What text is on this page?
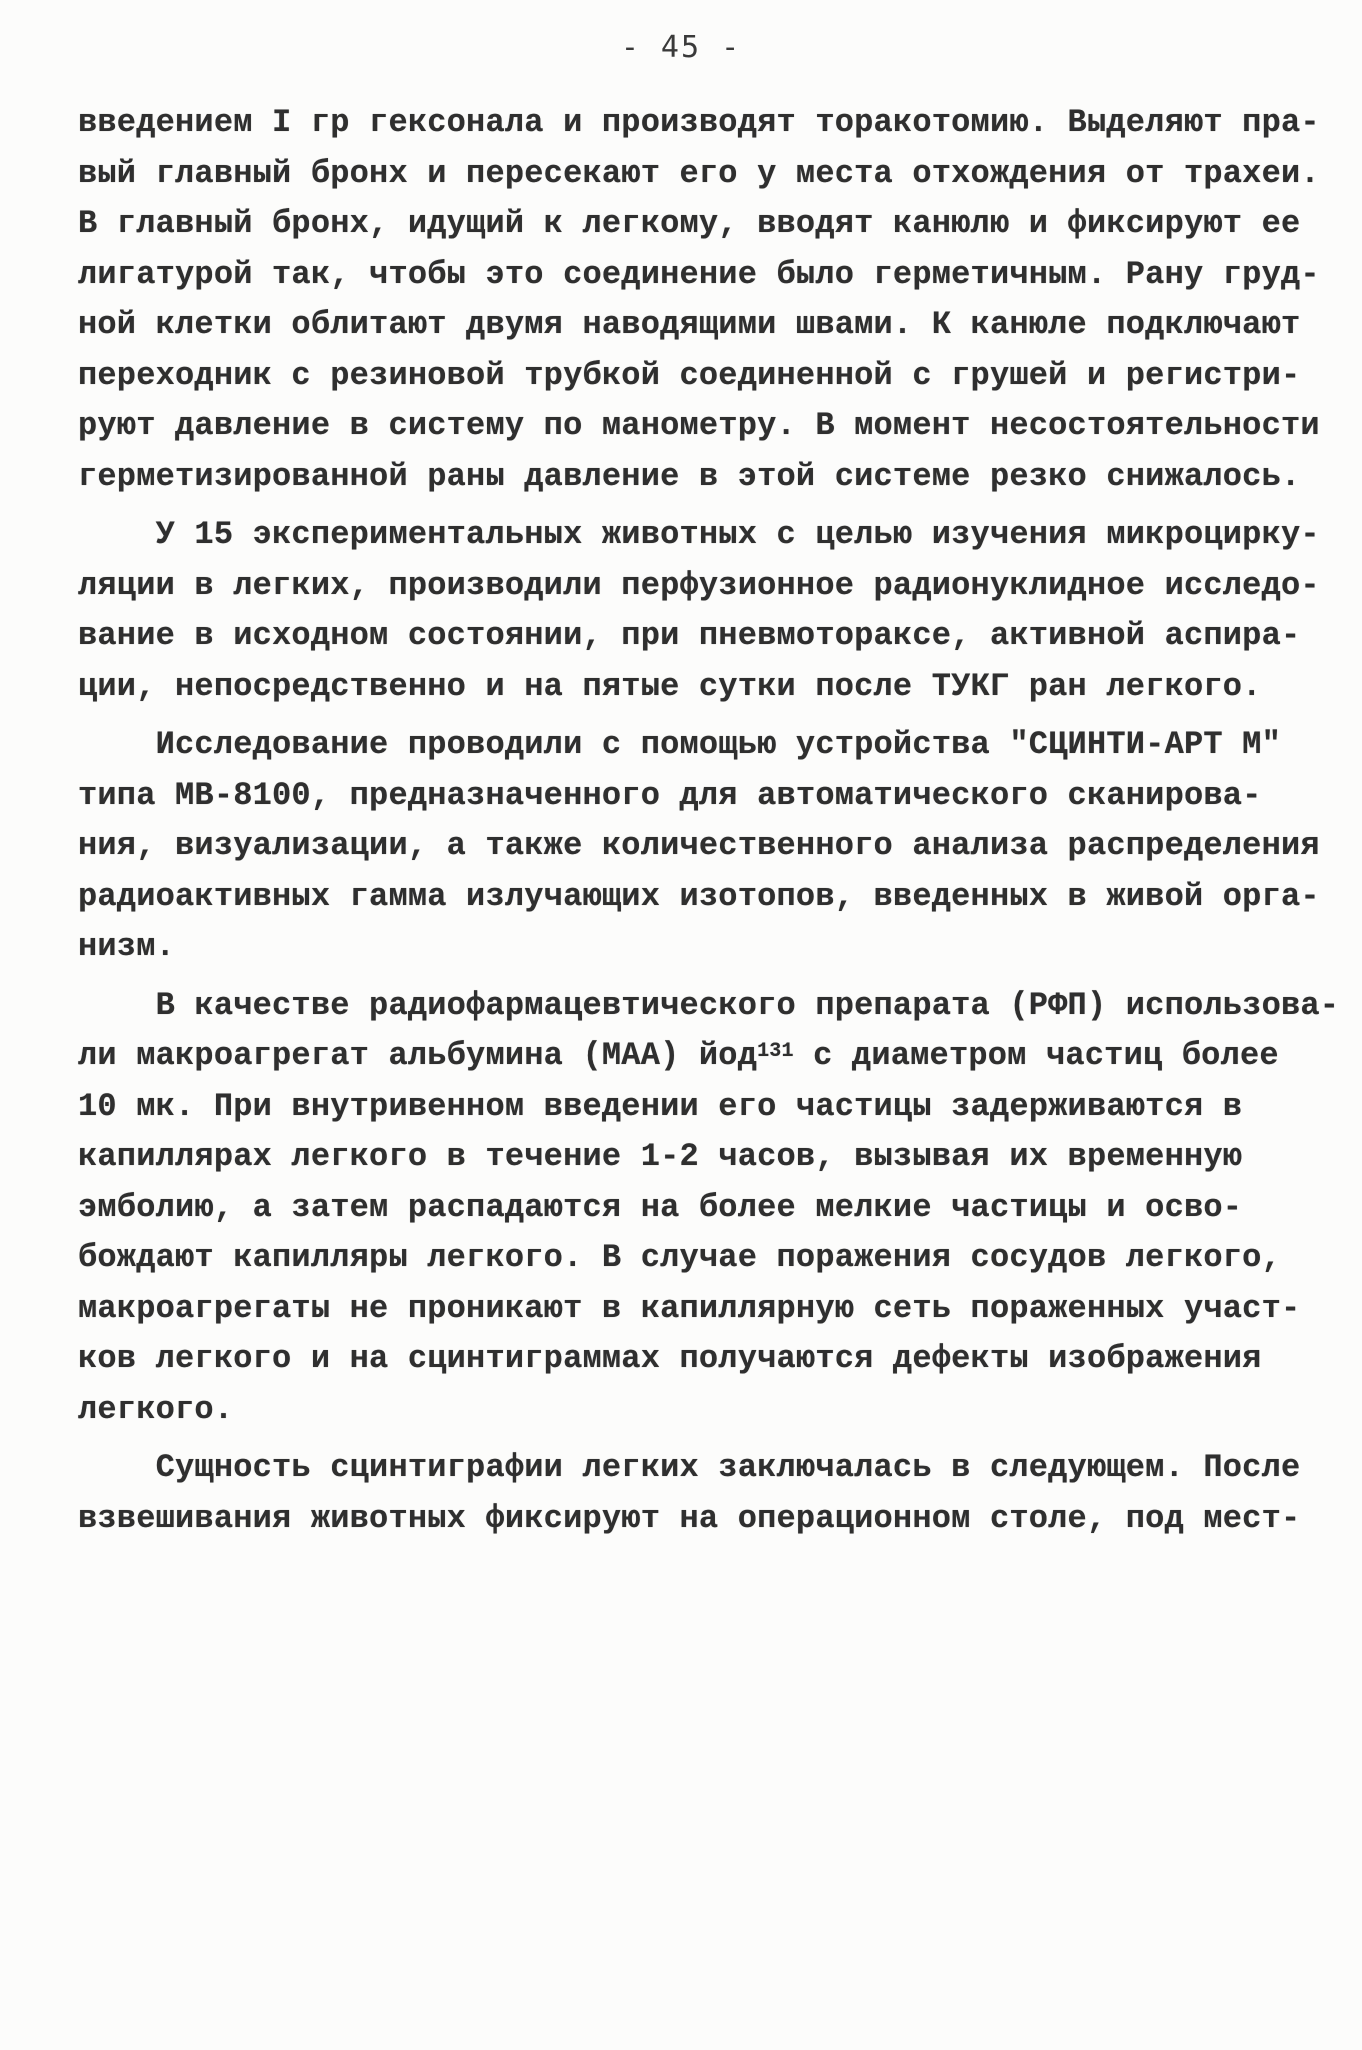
- 45 -
введением I гр гексонала и производят торакотомию. Выделяют пра-
вый главный бронх и пересекают его у места отхождения от трахеи.
В главный бронх, идущий к легкому, вводят канюлю и фиксируют ее
лигатурой так, чтобы это соединение было герметичным. Рану груд-
ной клетки облитают двумя наводящими швами. К канюле подключают
переходник с резиновой трубкой соединенной с грушей и регистри-
руют давление в систему по манометру. В момент несостоятельности
герметизированной раны давление в этой системе резко снижалось.
У 15 экспериментальных животных с целью изучения микроциркy-
ляции в легких, производили перфузионное радионуклидное исследо-
вание в исходном состоянии, при пневмотораксе, активной аспира-
ции, непосредственно и на пятые сутки после ТУКГ ран легкого.
Исследование проводили с помощью устройства "СЦИНТИ-АРТ М"
типа МВ-8100, предназначенного для автоматического сканирова-
ния, визуализации, а также количественного анализа распределения
радиоактивных гамма излучающих изотопов, введенных в живой орга-
низм.
В качестве радиофармацевтического препарата (РФП) использова-
ли макроагрегат альбумина (МАА) йод$^{131}$ с диаметром частиц более
10 мк. При внутривенном введении его частицы задерживаются в
капиллярах легкого в течение 1-2 часов, вызывая их временную
эмболию, а затем распадаются на более мелкие частицы и осво-
бождают капилляры легкого. В случае поражения сосудов легкого,
макроагрегаты не проникают в капиллярную сеть пораженных участ-
ков легкого и на сцинтиграммах получаются дефекты изображения
легкого.
Сущность сцинтиграфии легких заключалась в следующем. После
взвешивания животных фиксируют на операционном столе, под мест-
